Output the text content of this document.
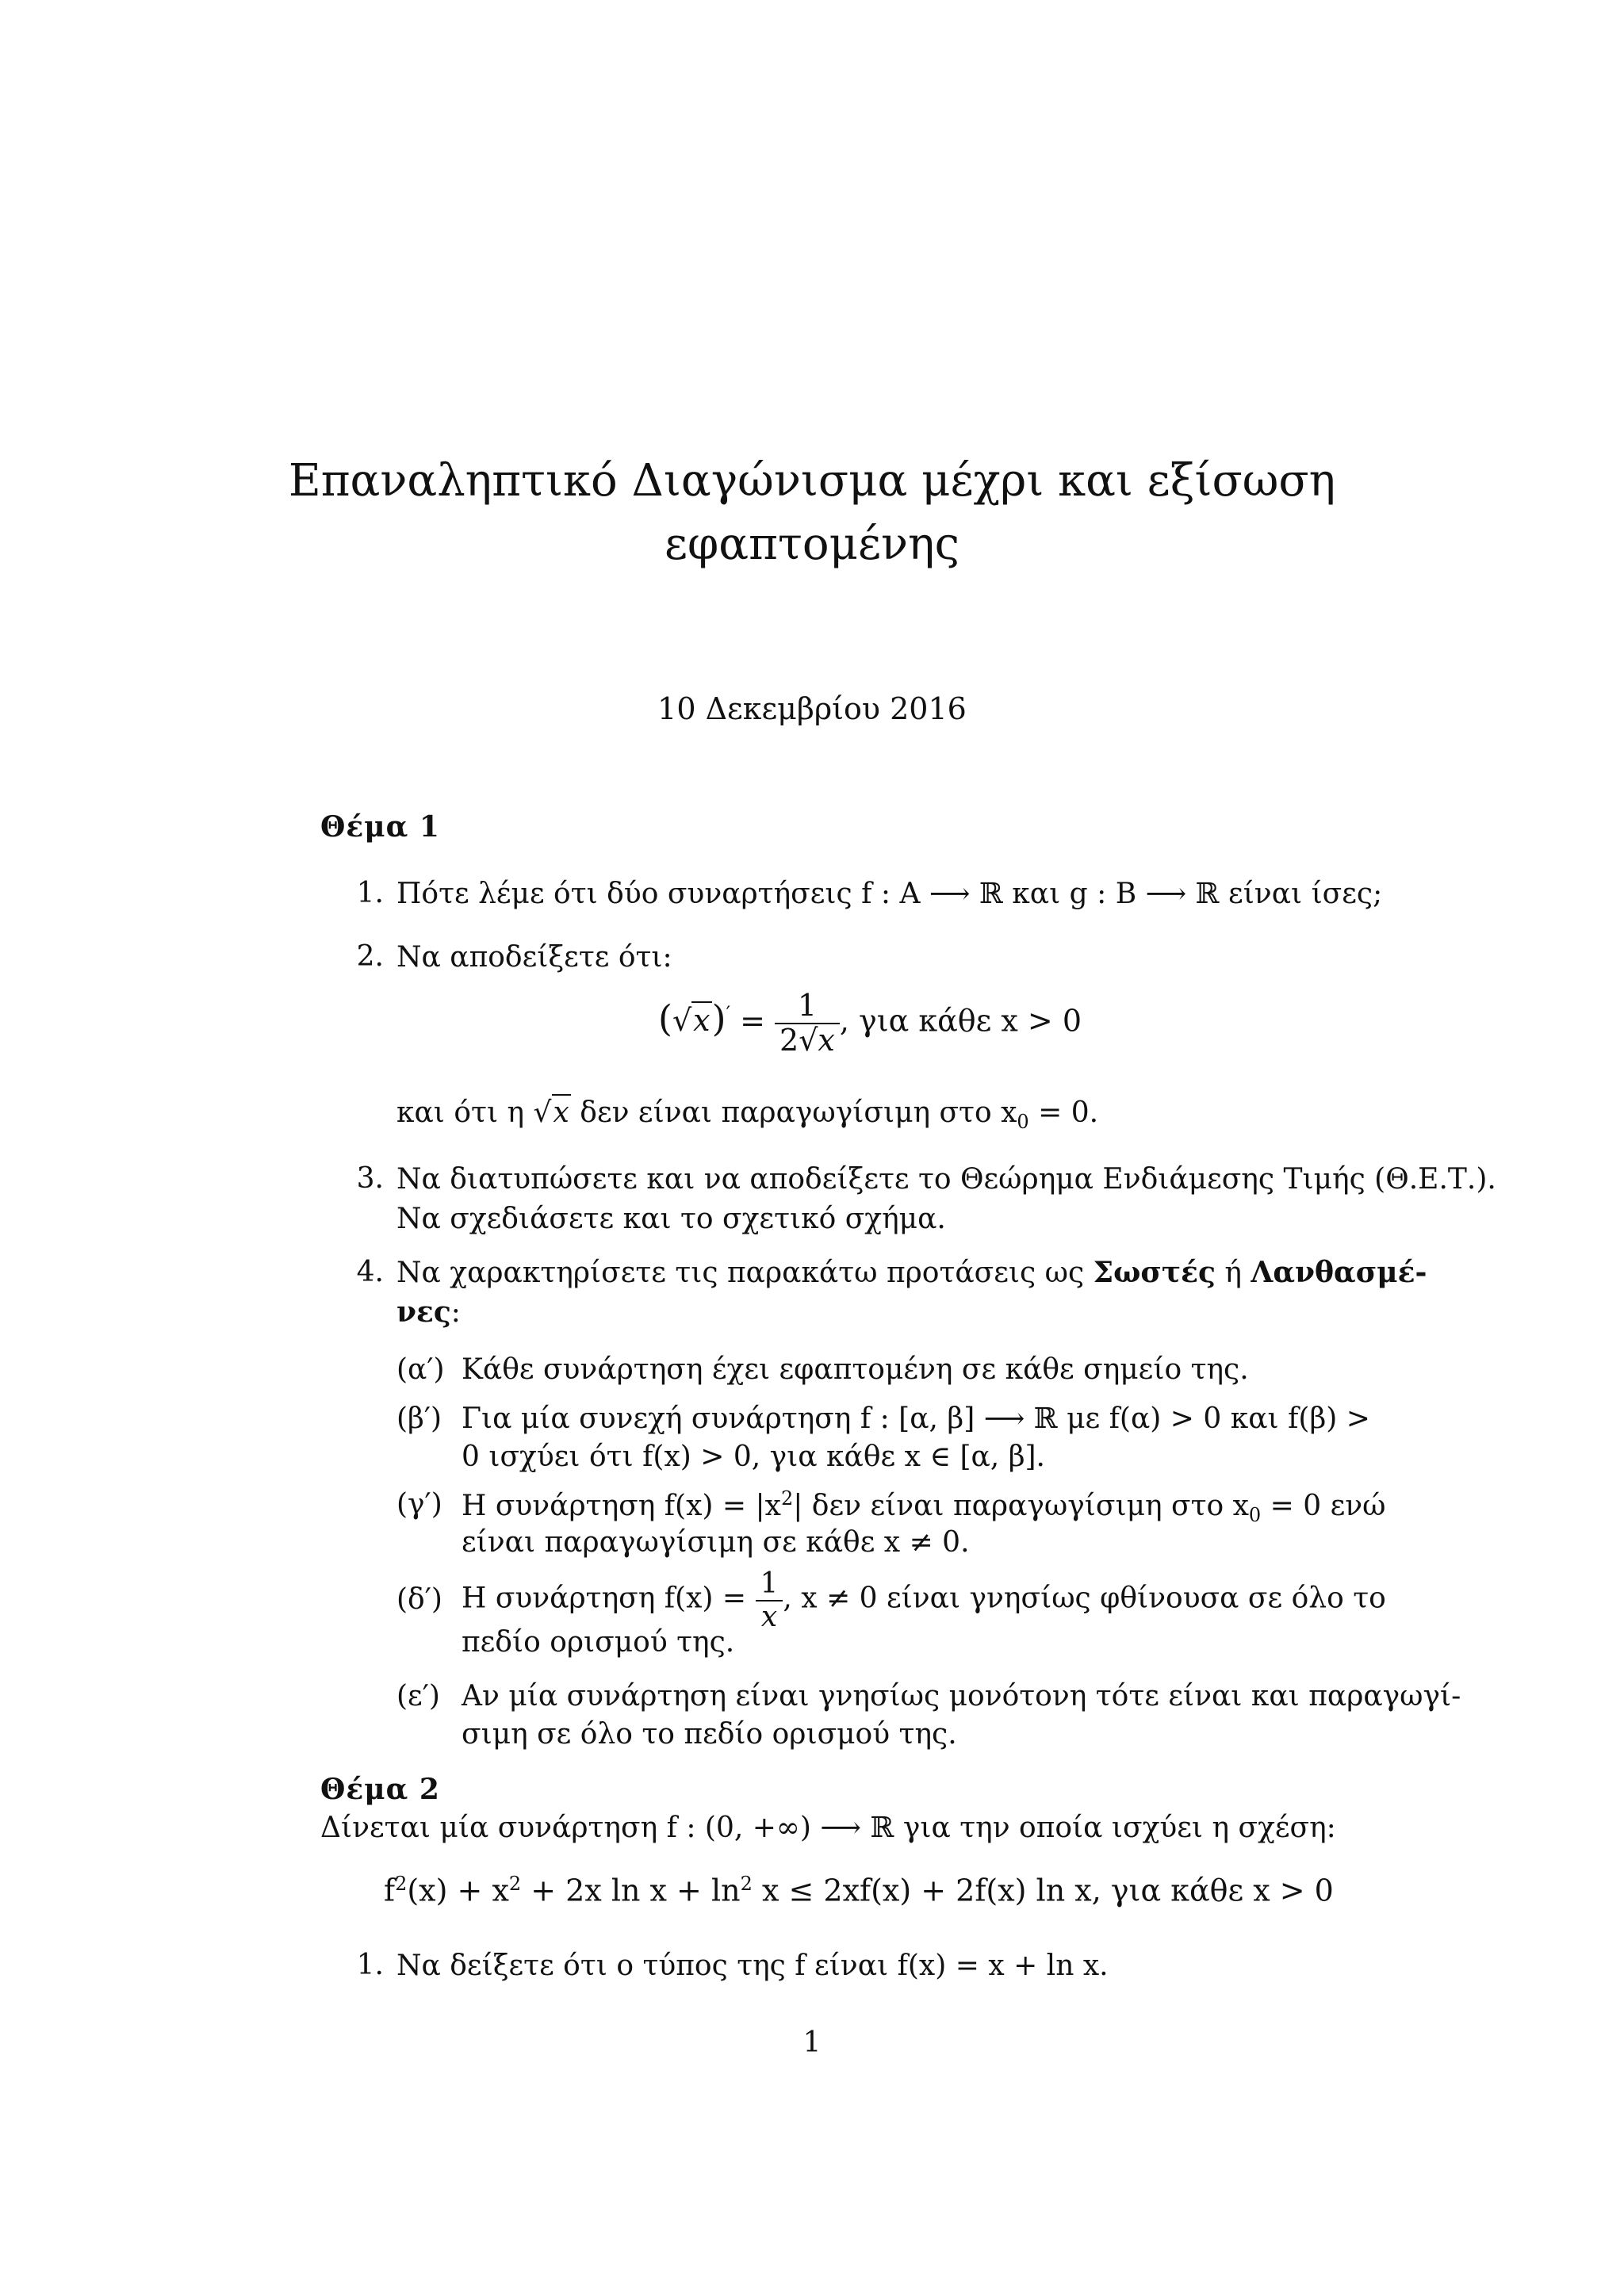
Επαναληπτικό Διαγώνισμα μέχρι και εξίσωση
εφαπτομένης
10 Δεκεμβρίου 2016
Θέμα 1
1. Πότε λέμε ότι δύο συναρτήσεις f : A ⟶ ℝ και g : B ⟶ ℝ είναι ίσες;
2. Να αποδείξετε ότι:
$(√x)' = \frac{1}{2√x}$ , για κάθε x > 0
και ότι η √x δεν είναι παραγωγίσιμη στο $x_0 = 0$.
3. Να διατυπώσετε και να αποδείξετε το Θεώρημα Ενδιάμεσης Τιμής (Θ.Ε.Τ.).
Να σχεδιάσετε και το σχετικό σχήμα.
4. Να χαρακτηρίσετε τις παρακάτω προτάσεις ως Σωστές ή Λανθασμέ-
νες:
(α′) Κάθε συνάρτηση έχει εφαπτομένη σε κάθε σημείο της.
(β′) Για μία συνεχή συνάρτηση f : [α, β] ⟶ ℝ με f(α) > 0 και f(β) >
0 ισχύει ότι f(x) > 0, για κάθε x ∈ [α, β].
(γ′) Η συνάρτηση $f(x) = |x^2|$ δεν είναι παραγωγίσιμη στο $x_0 = 0$ ενώ
είναι παραγωγίσιμη σε κάθε x ≠ 0.
(δ′) Η συνάρτηση $f(x) = \frac{1}{x}$ , x ≠ 0 είναι γνησίως φθίνουσα σε όλο το
πεδίο ορισμού της.
(ε′) Αν μία συνάρτηση είναι γνησίως μονότονη τότε είναι και παραγωγί-
σιμη σε όλο το πεδίο ορισμού της.
Θέμα 2
Δίνεται μία συνάρτηση f : (0, +∞) ⟶ ℝ για την οποία ισχύει η σχέση:
$f^2(x) + x^2 + 2x$ $\ln x + \ln^2 x \le 2xf(x) + 2f(x)$ ln x, για κάθε x > 0
1. Να δείξετε ότι ο τύπος της f είναι f(x) = x + ln x.
1
